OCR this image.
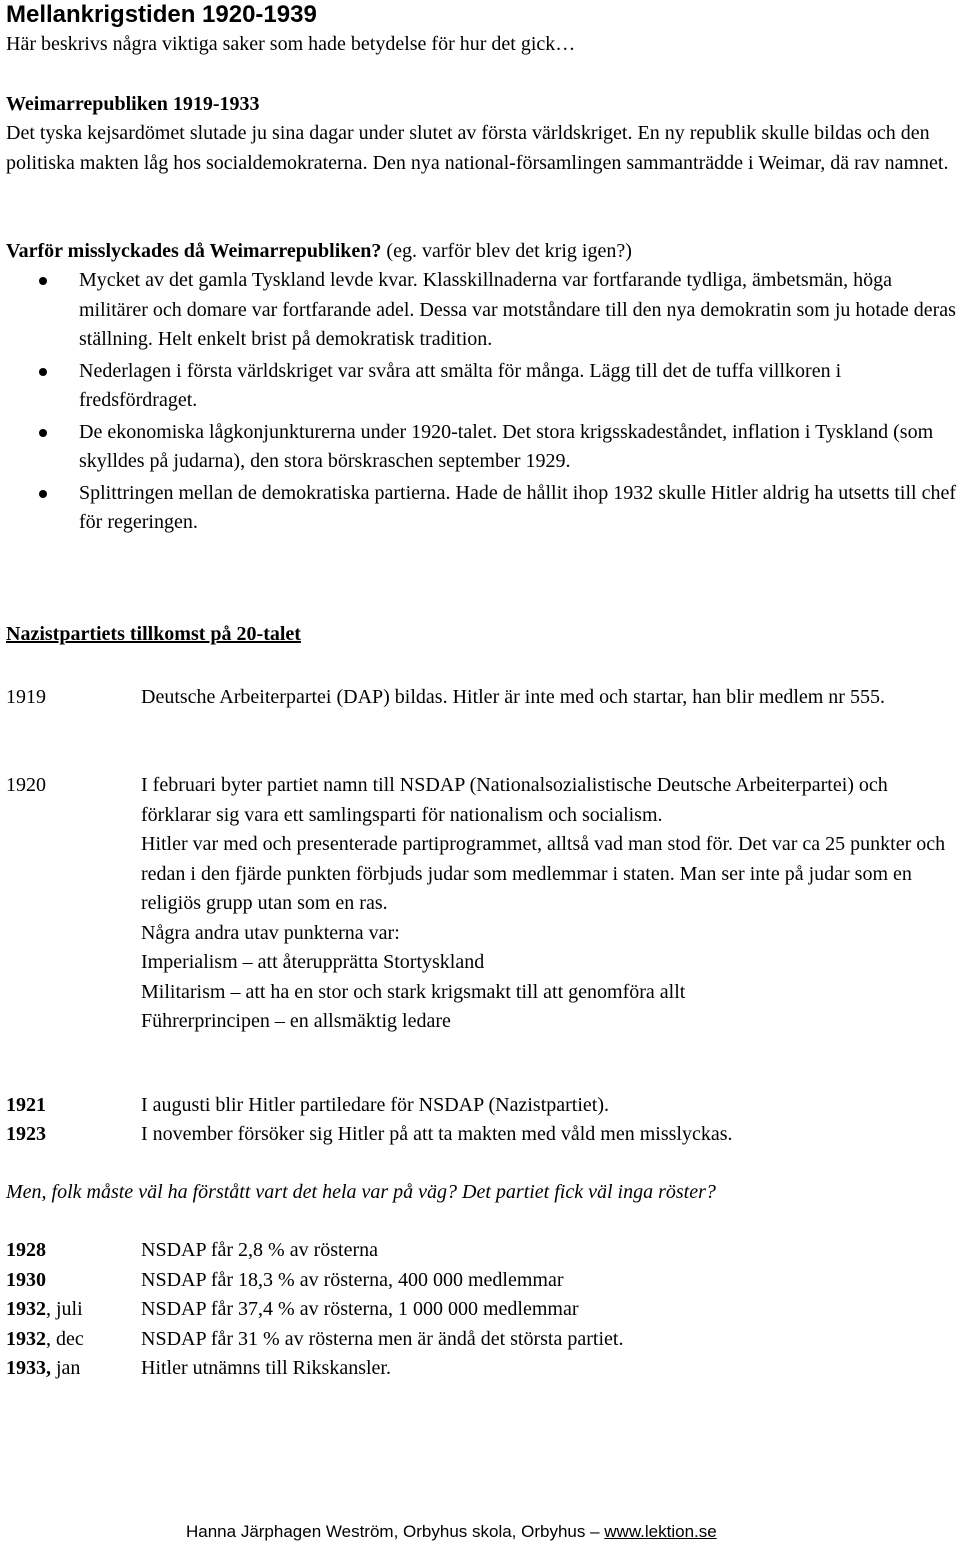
Mellankrigstiden 1920-1939
Här beskrivs några viktiga saker som hade betydelse för hur det gick…
Weimarrepubliken 1919-1933
Det tyska kejsardömet slutade ju sina dagar under slutet av första världskriget. En ny republik skulle bildas och den politiska makten låg hos socialdemokraterna. Den nya national-församlingen sammanträdde i Weimar, dä rav namnet.
Varför misslyckades då Weimarrepubliken? (eg. varför blev det krig igen?)
Mycket av det gamla Tyskland levde kvar. Klasskillnaderna var fortfarande tydliga, ämbetsmän, höga militärer och domare var fortfarande adel. Dessa var motståndare till den nya demokratin som ju hotade deras ställning. Helt enkelt brist på demokratisk tradition.
Nederlagen i första världskriget var svåra att smälta för många. Lägg till det de tuffa villkoren i fredsfördraget.
De ekonomiska lågkonjunkturerna under 1920-talet. Det stora krigsskadeståndet, inflation i Tyskland (som skylldes på judarna), den stora börskraschen september 1929.
Splittringen mellan de demokratiska partierna. Hade de hållit ihop 1932 skulle Hitler aldrig ha utsetts till chef för regeringen.
Nazistpartiets tillkomst på 20-talet
1919	Deutsche Arbeiterpartei (DAP) bildas. Hitler är inte med och startar, han blir medlem nr 555.
1920	I februari byter partiet namn till NSDAP (Nationalsozialistische Deutsche Arbeiterpartei) och förklarar sig vara ett samlingsparti för nationalism och socialism.
Hitler var med och presenterade partiprogrammet, alltså vad man stod för. Det var ca 25 punkter och redan i den fjärde punkten förbjuds judar som medlemmar i staten. Man ser inte på judar som en religiös grupp utan som en ras.
Några andra utav punkterna var:
Imperialism – att återupprätta Stortyskland
Militarism – att ha en stor och stark krigsmakt till att genomföra allt
Führerprincipen – en allsmäktig ledare
1921	I augusti blir Hitler partiledare för NSDAP (Nazistpartiet).
1923	I november försöker sig Hitler på att ta makten med våld men misslyckas.
Men, folk måste väl ha förstått vart det hela var på väg? Det partiet fick väl inga röster?
1928	NSDAP får 2,8 % av rösterna
1930	NSDAP får 18,3 % av rösterna, 400 000 medlemmar
1932, juli	NSDAP får 37,4 % av rösterna, 1 000 000 medlemmar
1932, dec	NSDAP får 31 % av rösterna men är ändå det största partiet.
1933, jan	Hitler utnämns till Rikskansler.
Hanna Järphagen Weström, Orbyhus skola, Orbyhus – www.lektion.se
